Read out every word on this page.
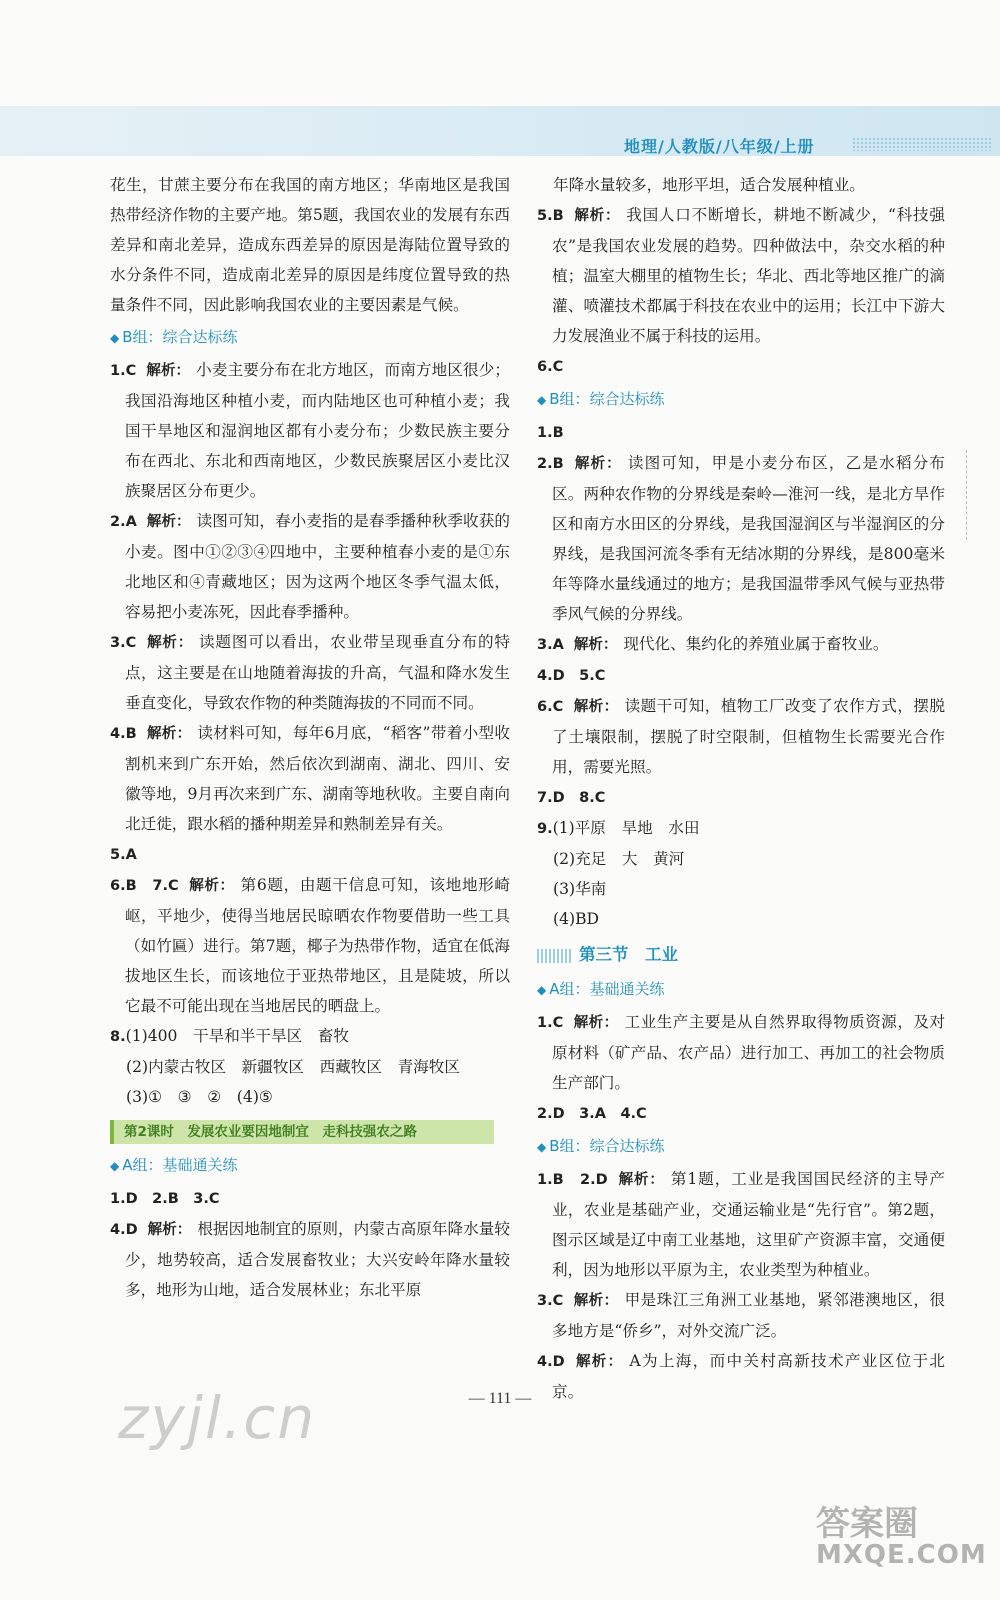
地理/人教版/八年级/上册

花生，甘蔗主要分布在我国的南方地区；华南地区是我国热带经济作物的主要产地。第5题，我国农业的发展有东西差异和南北差异，造成东西差异的原因是海陆位置导致的水分条件不同，造成南北差异的原因是纬度位置导致的热量条件不同，因此影响我国农业的主要因素是气候。

◆ B组：综合达标练

1.C 解析： 小麦主要分布在北方地区，而南方地区很少；我国沿海地区种植小麦，而内陆地区也可种植小麦；我国干旱地区和湿润地区都有小麦分布；少数民族主要分布在西北、东北和西南地区，少数民族聚居区小麦比汉族聚居区分布更少。

2.A 解析： 读图可知，春小麦指的是春季播种秋季收获的小麦。图中①②③④四地中，主要种植春小麦的是①东北地区和④青藏地区；因为这两个地区冬季气温太低，容易把小麦冻死，因此春季播种。

3.C 解析： 读题图可以看出，农业带呈现垂直分布的特点，这主要是在山地随着海拔的升高，气温和降水发生垂直变化，导致农作物的种类随海拔的不同而不同。

4.B 解析： 读材料可知，每年6月底，“稻客”带着小型收割机来到广东开始，然后依次到湖南、湖北、四川、安徽等地，9月再次来到广东、湖南等地秋收。主要自南向北迁徙，跟水稻的播种期差异和熟制差异有关。

5.A

6.B　7.C 解析： 第6题，由题干信息可知，该地地形崎岖，平地少，使得当地居民晾晒农作物要借助一些工具（如竹匾）进行。第7题，椰子为热带作物，适宜在低海拔地区生长，而该地位于亚热带地区，且是陡坡，所以它最不可能出现在当地居民的晒盘上。

8.(1)400　干旱和半干旱区　畜牧

(2)内蒙古牧区　新疆牧区　西藏牧区　青海牧区

(3)①　③　②　(4)⑤

第2课时　发展农业要因地制宜　走科技强农之路
◆ A组：基础通关练

1.D　2.B　3.C

4.D 解析： 根据因地制宜的原则，内蒙古高原年降水量较少，地势较高，适合发展畜牧业；大兴安岭年降水量较多，地形为山地，适合发展林业；东北平原

年降水量较多，地形平坦，适合发展种植业。

5.B 解析： 我国人口不断增长，耕地不断减少，“科技强农”是我国农业发展的趋势。四种做法中，杂交水稻的种植；温室大棚里的植物生长；华北、西北等地区推广的滴灌、喷灌技术都属于科技在农业中的运用；长江中下游大力发展渔业不属于科技的运用。

6.C

◆ B组：综合达标练

1.B

2.B 解析： 读图可知，甲是小麦分布区，乙是水稻分布区。两种农作物的分界线是秦岭—淮河一线，是北方旱作区和南方水田区的分界线，是我国湿润区与半湿润区的分界线，是我国河流冬季有无结冰期的分界线，是800毫米年等降水量线通过的地方；是我国温带季风气候与亚热带季风气候的分界线。

3.A 解析： 现代化、集约化的养殖业属于畜牧业。

4.D　5.C

6.C 解析： 读题干可知，植物工厂改变了农作方式，摆脱了土壤限制，摆脱了时空限制，但植物生长需要光合作用，需要光照。

7.D　8.C

9.(1)平原　旱地　水田

(2)充足　大　黄河

(3)华南

(4)BD

第三节　工业
◆ A组：基础通关练

1.C 解析： 工业生产主要是从自然界取得物质资源，及对原材料（矿产品、农产品）进行加工、再加工的社会物质生产部门。

2.D　3.A　4.C

◆ B组：综合达标练

1.B　2.D 解析： 第1题，工业是我国国民经济的主导产业，农业是基础产业，交通运输业是“先行官”。第2题，图示区域是辽中南工业基地，这里矿产资源丰富，交通便利，因为地形以平原为主，农业类型为种植业。

3.C 解析： 甲是珠江三角洲工业基地，紧邻港澳地区，很多地方是“侨乡”，对外交流广泛。

4.D 解析： A为上海，而中关村高新技术产业区位于北京。

— 111 —
zyjl.cn
答案圈
MXQE.COM
